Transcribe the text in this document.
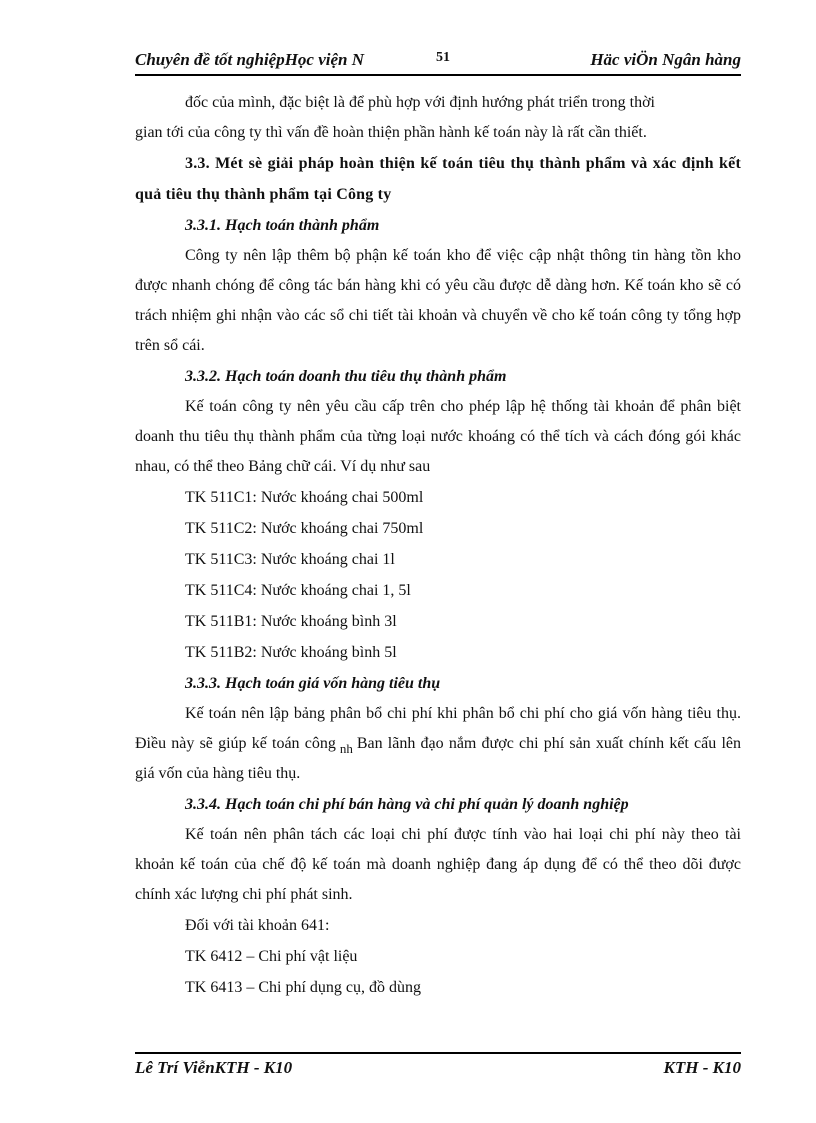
Chuyên đề tốt nghiệpHọc viện N	51	Häc viÖn Ngân hàng

đốc của mình, đặc biệt là để phù hợp với định hướng phát triển trong thời

gian tới của công ty thì vấn đề hoàn thiện phần hành kế toán này là rất cần thiết.

3.3. Mét sè giải pháp hoàn thiện kế toán tiêu thụ thành phẩm và xác định kết quả tiêu thụ thành phẩm tại Công ty

3.3.1. Hạch toán thành phẩm

Công ty nên lập thêm bộ phận kế toán kho để việc cập nhật thông tin hàng tồn kho được nhanh chóng để công tác bán hàng khi có yêu cầu được dễ dàng hơn. Kế toán kho sẽ có trách nhiệm ghi nhận vào các sổ chi tiết tài khoản và chuyển về cho kế toán công ty tổng hợp trên sổ cái.

3.3.2. Hạch toán doanh thu tiêu thụ thành phẩm

Kế toán công ty nên yêu cầu cấp trên cho phép lập hệ thống tài khoản để phân biệt doanh thu tiêu thụ thành phẩm của từng loại nước khoáng có thể tích và cách đóng gói khác nhau, có thể theo Bảng chữ cái. Ví dụ như sau

TK 511C1: Nước khoáng chai 500ml

TK 511C2: Nước khoáng chai 750ml

TK 511C3: Nước khoáng chai 1l

TK 511C4: Nước khoáng chai 1, 5l

TK 511B1: Nước khoáng bình 3l

TK 511B2: Nước khoáng bình 5l

3.3.3. Hạch toán giá vốn hàng tiêu thụ

Kế toán nên lập bảng phân bổ chi phí khi phân bổ chi phí cho giá vốn hàng tiêu thụ. Điều này sẽ giúp kế toán công $_{nh}$ Ban lãnh đạo nắm được chi phí sản xuất chính kết cấu lên giá vốn của hàng tiêu thụ.

3.3.4. Hạch toán chi phí bán hàng và chi phí quản lý doanh nghiệp

Kế toán nên phân tách các loại chi phí được tính vào hai loại chi phí này theo tài khoản kế toán của chế độ kế toán mà doanh nghiệp đang áp dụng để có thể theo dõi được chính xác lượng chi phí phát sinh.

Đối với tài khoản 641:

TK 6412 – Chi phí vật liệu

TK 6413 – Chi phí dụng cụ, đồ dùng

Lê Trí ViễnKTH - K10	KTH - K10
